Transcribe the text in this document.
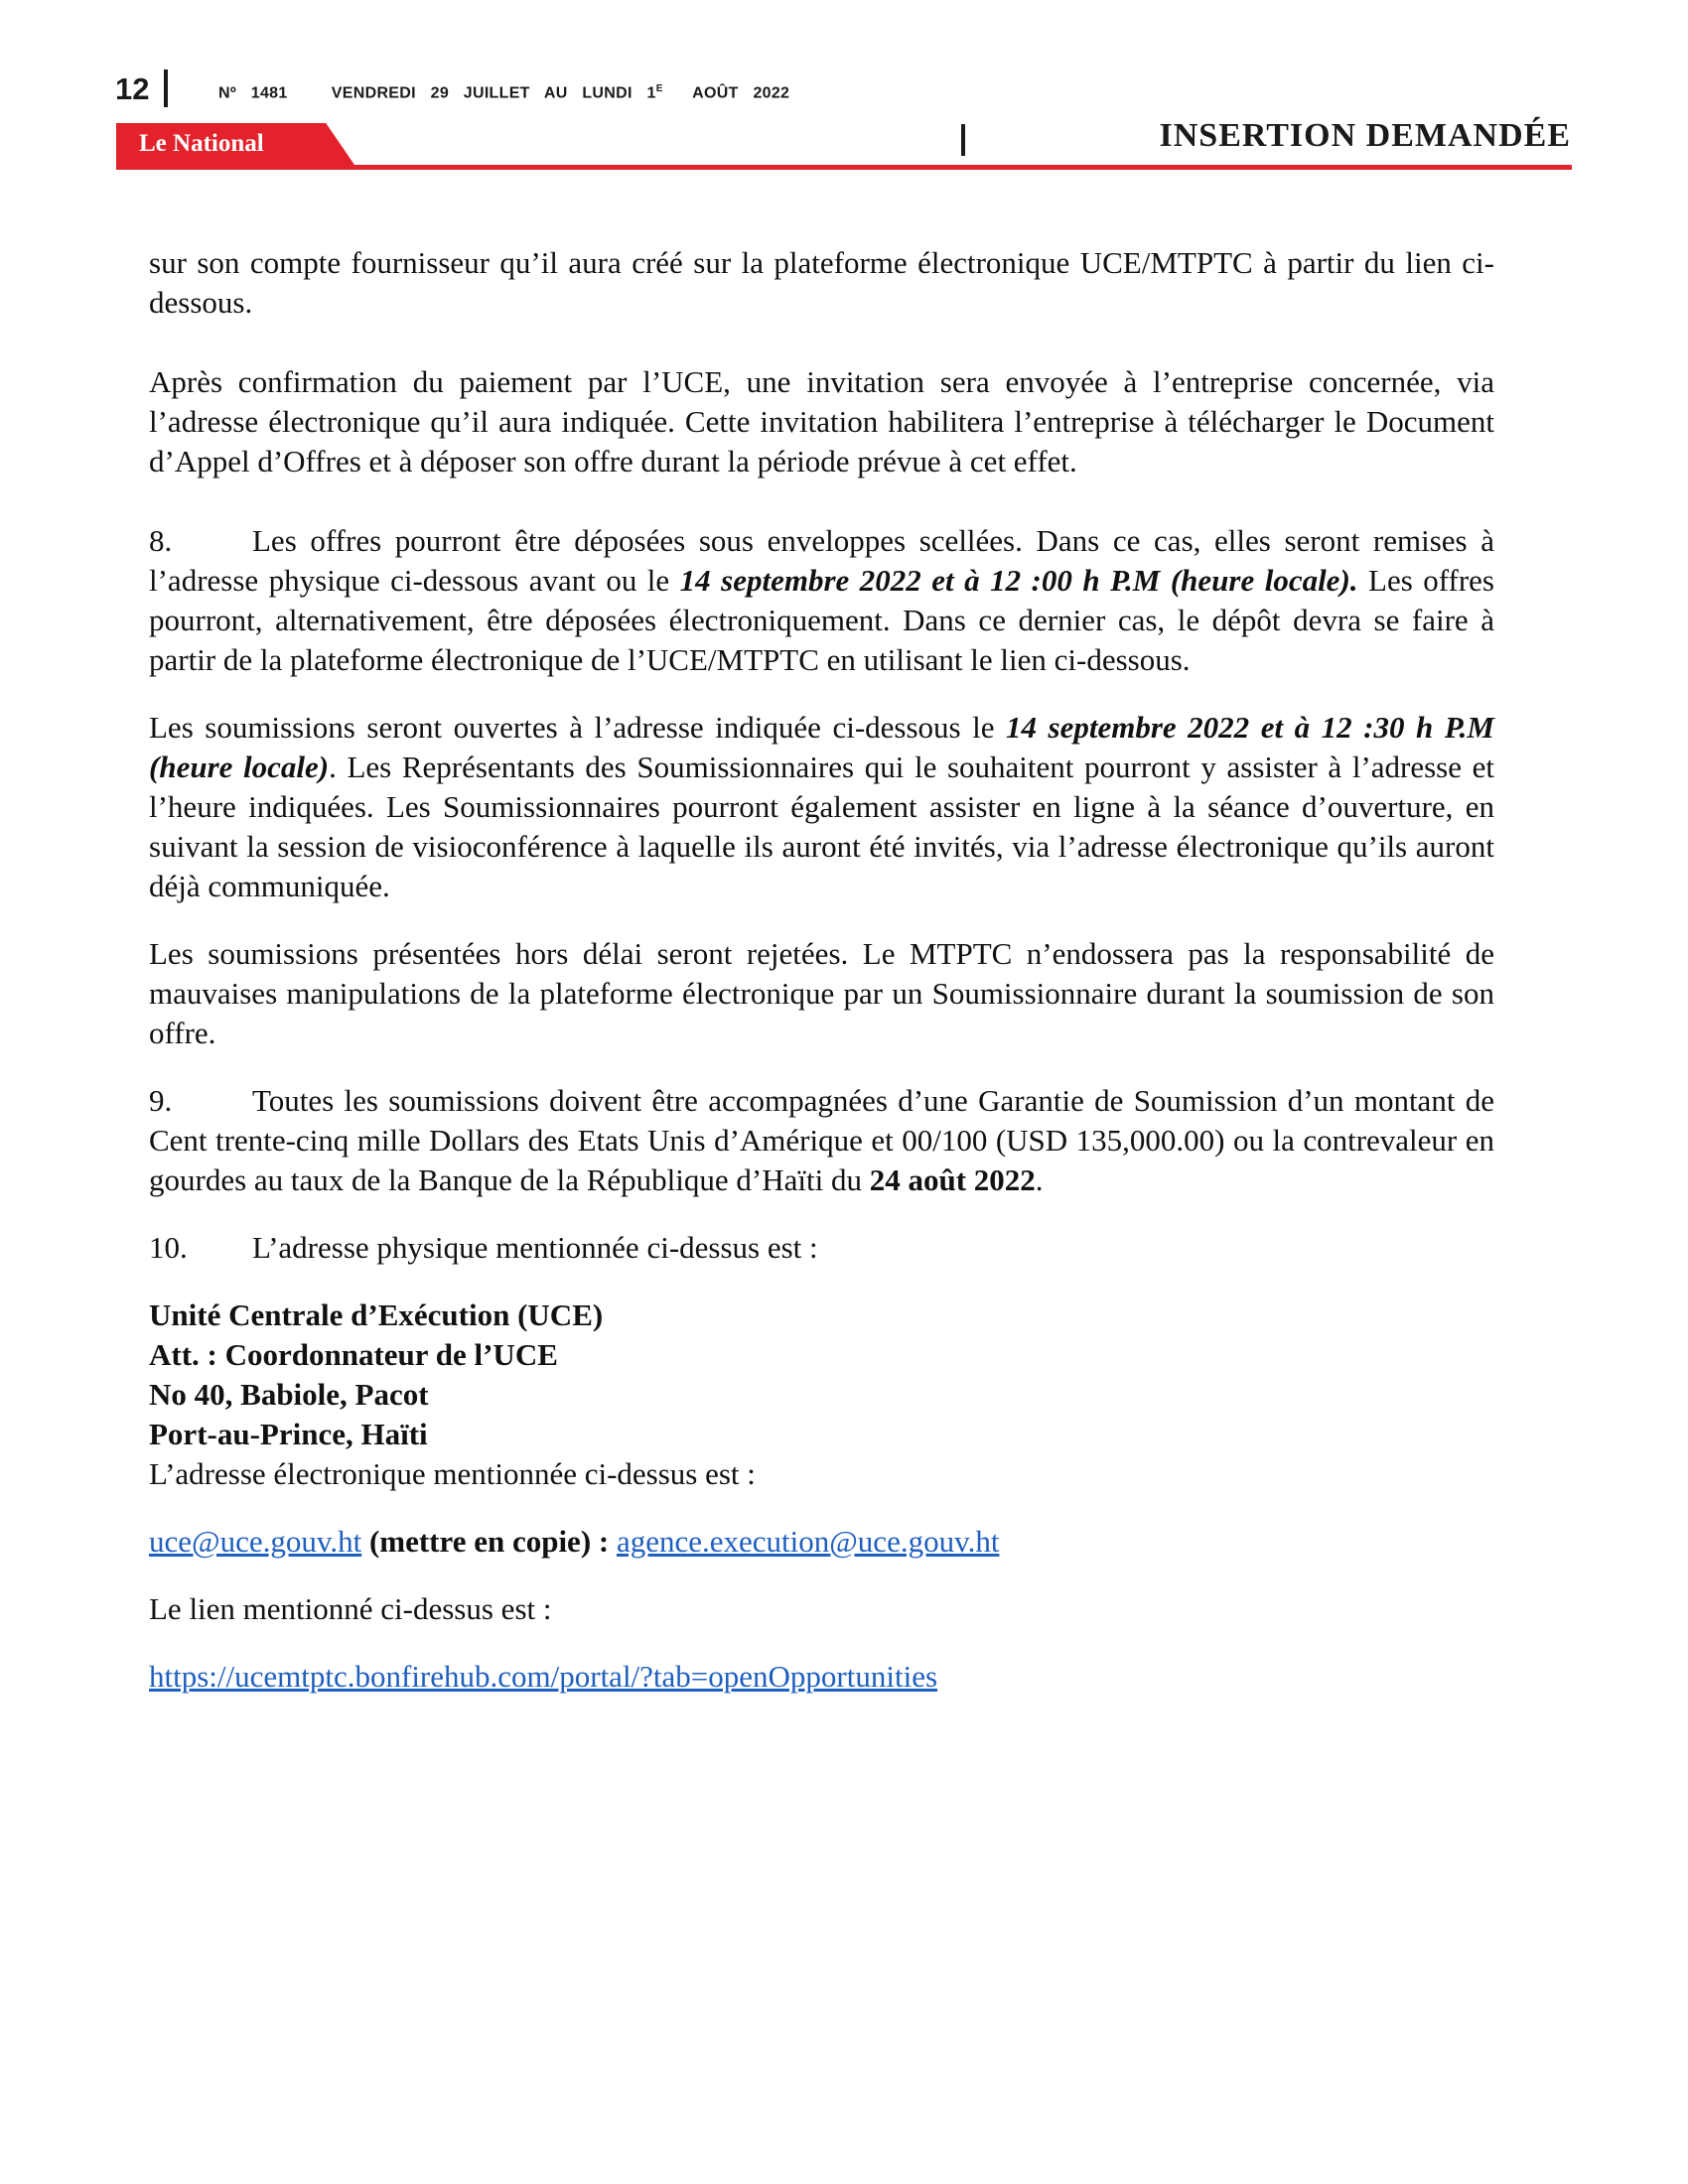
12	Nº 1481	VENDREDI 29 JUILLET AU LUNDI $1^E$ AOÛT 2022
Le National	INSERTION DEMANDÉE

sur son compte fournisseur qu’il aura créé sur la plateforme électronique UCE/MTPTC à partir du lien ci-dessous.

Après confirmation du paiement par l’UCE, une invitation sera envoyée à l’entreprise concernée, via l’adresse électronique qu’il aura indiquée. Cette invitation habilitera l’entreprise à télécharger le Document d’Appel d’Offres et à déposer son offre durant la période prévue à cet effet.

8.	Les offres pourront être déposées sous enveloppes scellées. Dans ce cas, elles seront remises à l’adresse physique ci-dessous avant ou le 14 septembre 2022 et à 12 :00 h P.M (heure locale). Les offres pourront, alternativement, être déposées électroniquement. Dans ce dernier cas, le dépôt devra se faire à partir de la plateforme électronique de l’UCE/MTPTC en utilisant le lien ci-dessous.

Les soumissions seront ouvertes à l’adresse indiquée ci-dessous le 14 septembre 2022 et à 12 :30 h P.M (heure locale). Les Représentants des Soumissionnaires qui le souhaitent pourront y assister à l’adresse et l’heure indiquées. Les Soumissionnaires pourront également assister en ligne à la séance d’ouverture, en suivant la session de visioconférence à laquelle ils auront été invités, via l’adresse électronique qu’ils auront déjà communiquée.

Les soumissions présentées hors délai seront rejetées. Le MTPTC n’endossera pas la responsabilité de mauvaises manipulations de la plateforme électronique par un Soumissionnaire durant la soumission de son offre.

9.	Toutes les soumissions doivent être accompagnées d’une Garantie de Soumission d’un montant de Cent trente-cinq mille Dollars des Etats Unis d’Amérique et 00/100 (USD 135,000.00) ou la contrevaleur en gourdes au taux de la Banque de la République d’Haïti du 24 août 2022.

10. L’adresse physique mentionnée ci-dessus est :

Unité Centrale d’Exécution (UCE)
Att. : Coordonnateur de l’UCE
No 40, Babiole, Pacot
Port-au-Prince, Haïti
L’adresse électronique mentionnée ci-dessus est :

uce@uce.gouv.ht (mettre en copie) : agence.execution@uce.gouv.ht

Le lien mentionné ci-dessus est :

https://ucemtptc.bonfirehub.com/portal/?tab=openOpportunities
